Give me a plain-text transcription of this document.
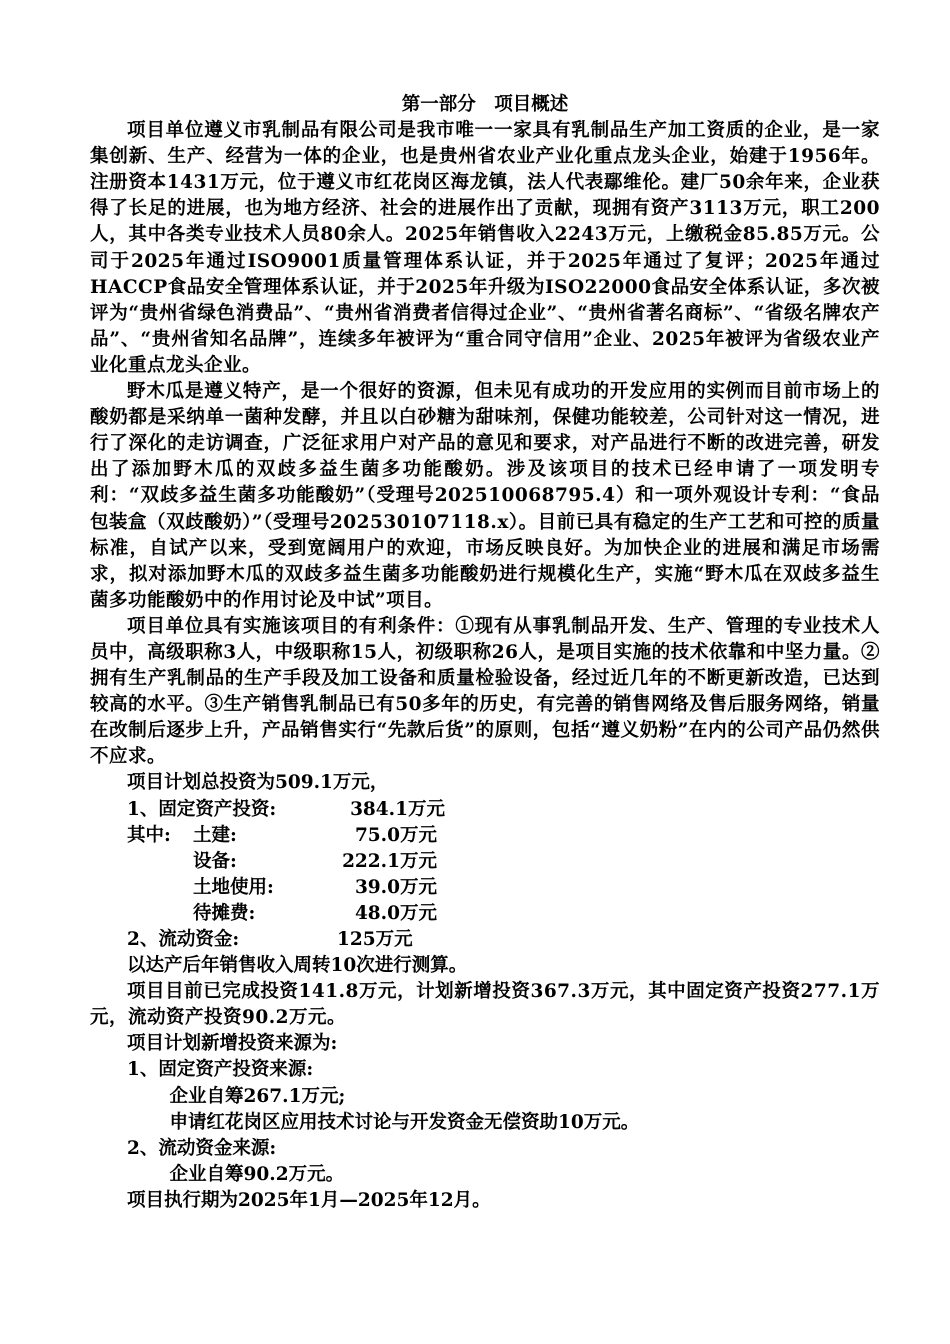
第一部分　项目概述

项目单位遵义市乳制品有限公司是我市唯一一家具有乳制品生产加工资质的企业，是一家集创新、生产、经营为一体的企业，也是贵州省农业产业化重点龙头企业，始建于1956年。注册资本1431万元，位于遵义市红花岗区海龙镇，法人代表鄢维伦。建厂50余年来，企业获得了长足的进展，也为地方经济、社会的进展作出了贡献，现拥有资产3113万元，职工200人，其中各类专业技术人员80余人。2025年销售收入2243万元，上缴税金85.85万元。公司于2025年通过ISO9001质量管理体系认证，并于2025年通过了复评；2025年通过HACCP食品安全管理体系认证，并于2025年升级为ISO22000食品安全体系认证，多次被评为“贵州省绿色消费品”、“贵州省消费者信得过企业”、“贵州省著名商标”、“省级名牌农产品”、“贵州省知名品牌”，连续多年被评为“重合同守信用”企业、2025年被评为省级农业产业化重点龙头企业。

野木瓜是遵义特产，是一个很好的资源，但未见有成功的开发应用的实例而目前市场上的酸奶都是采纳单一菌种发酵，并且以白砂糖为甜味剂，保健功能较差，公司针对这一情况，进行了深化的走访调查，广泛征求用户对产品的意见和要求，对产品进行不断的改进完善，研发出了添加野木瓜的双歧多益生菌多功能酸奶。涉及该项目的技术已经申请了一项发明专利：“双歧多益生菌多功能酸奶”（受理号202510068795.4）和一项外观设计专利：“食品包装盒（双歧酸奶）”（受理号202530107118.x）。目前已具有稳定的生产工艺和可控的质量标准，自试产以来，受到宽阔用户的欢迎，市场反映良好。为加快企业的进展和满足市场需求，拟对添加野木瓜的双歧多益生菌多功能酸奶进行规模化生产，实施“野木瓜在双歧多益生菌多功能酸奶中的作用讨论及中试”项目。

项目单位具有实施该项目的有利条件：①现有从事乳制品开发、生产、管理的专业技术人员中，高级职称3人，中级职称15人，初级职称26人，是项目实施的技术依靠和中坚力量。②拥有生产乳制品的生产手段及加工设备和质量检验设备，经过近几年的不断更新改造，已达到较高的水平。③生产销售乳制品已有50多年的历史，有完善的销售网络及售后服务网络，销量在改制后逐步上升，产品销售实行“先款后货”的原则，包括“遵义奶粉”在内的公司产品仍然供不应求。

项目计划总投资为509.1万元，

1、固定资产投资:	384.1万元
其中:	土建:	75.0万元
设备:	222.1万元
土地使用:	39.0万元
待摊费:	48.0万元
2、流动资金:	125万元

以达产后年销售收入周转10次进行测算。

项目目前已完成投资141.8万元，计划新增投资367.3万元，其中固定资产投资277.1万元，流动资产投资90.2万元。

项目计划新增投资来源为:

1、固定资产投资来源:

企业自筹267.1万元;

申请红花岗区应用技术讨论与开发资金无偿资助10万元。

2、流动资金来源:

企业自筹90.2万元。

项目执行期为2025年1月—2025年12月。
